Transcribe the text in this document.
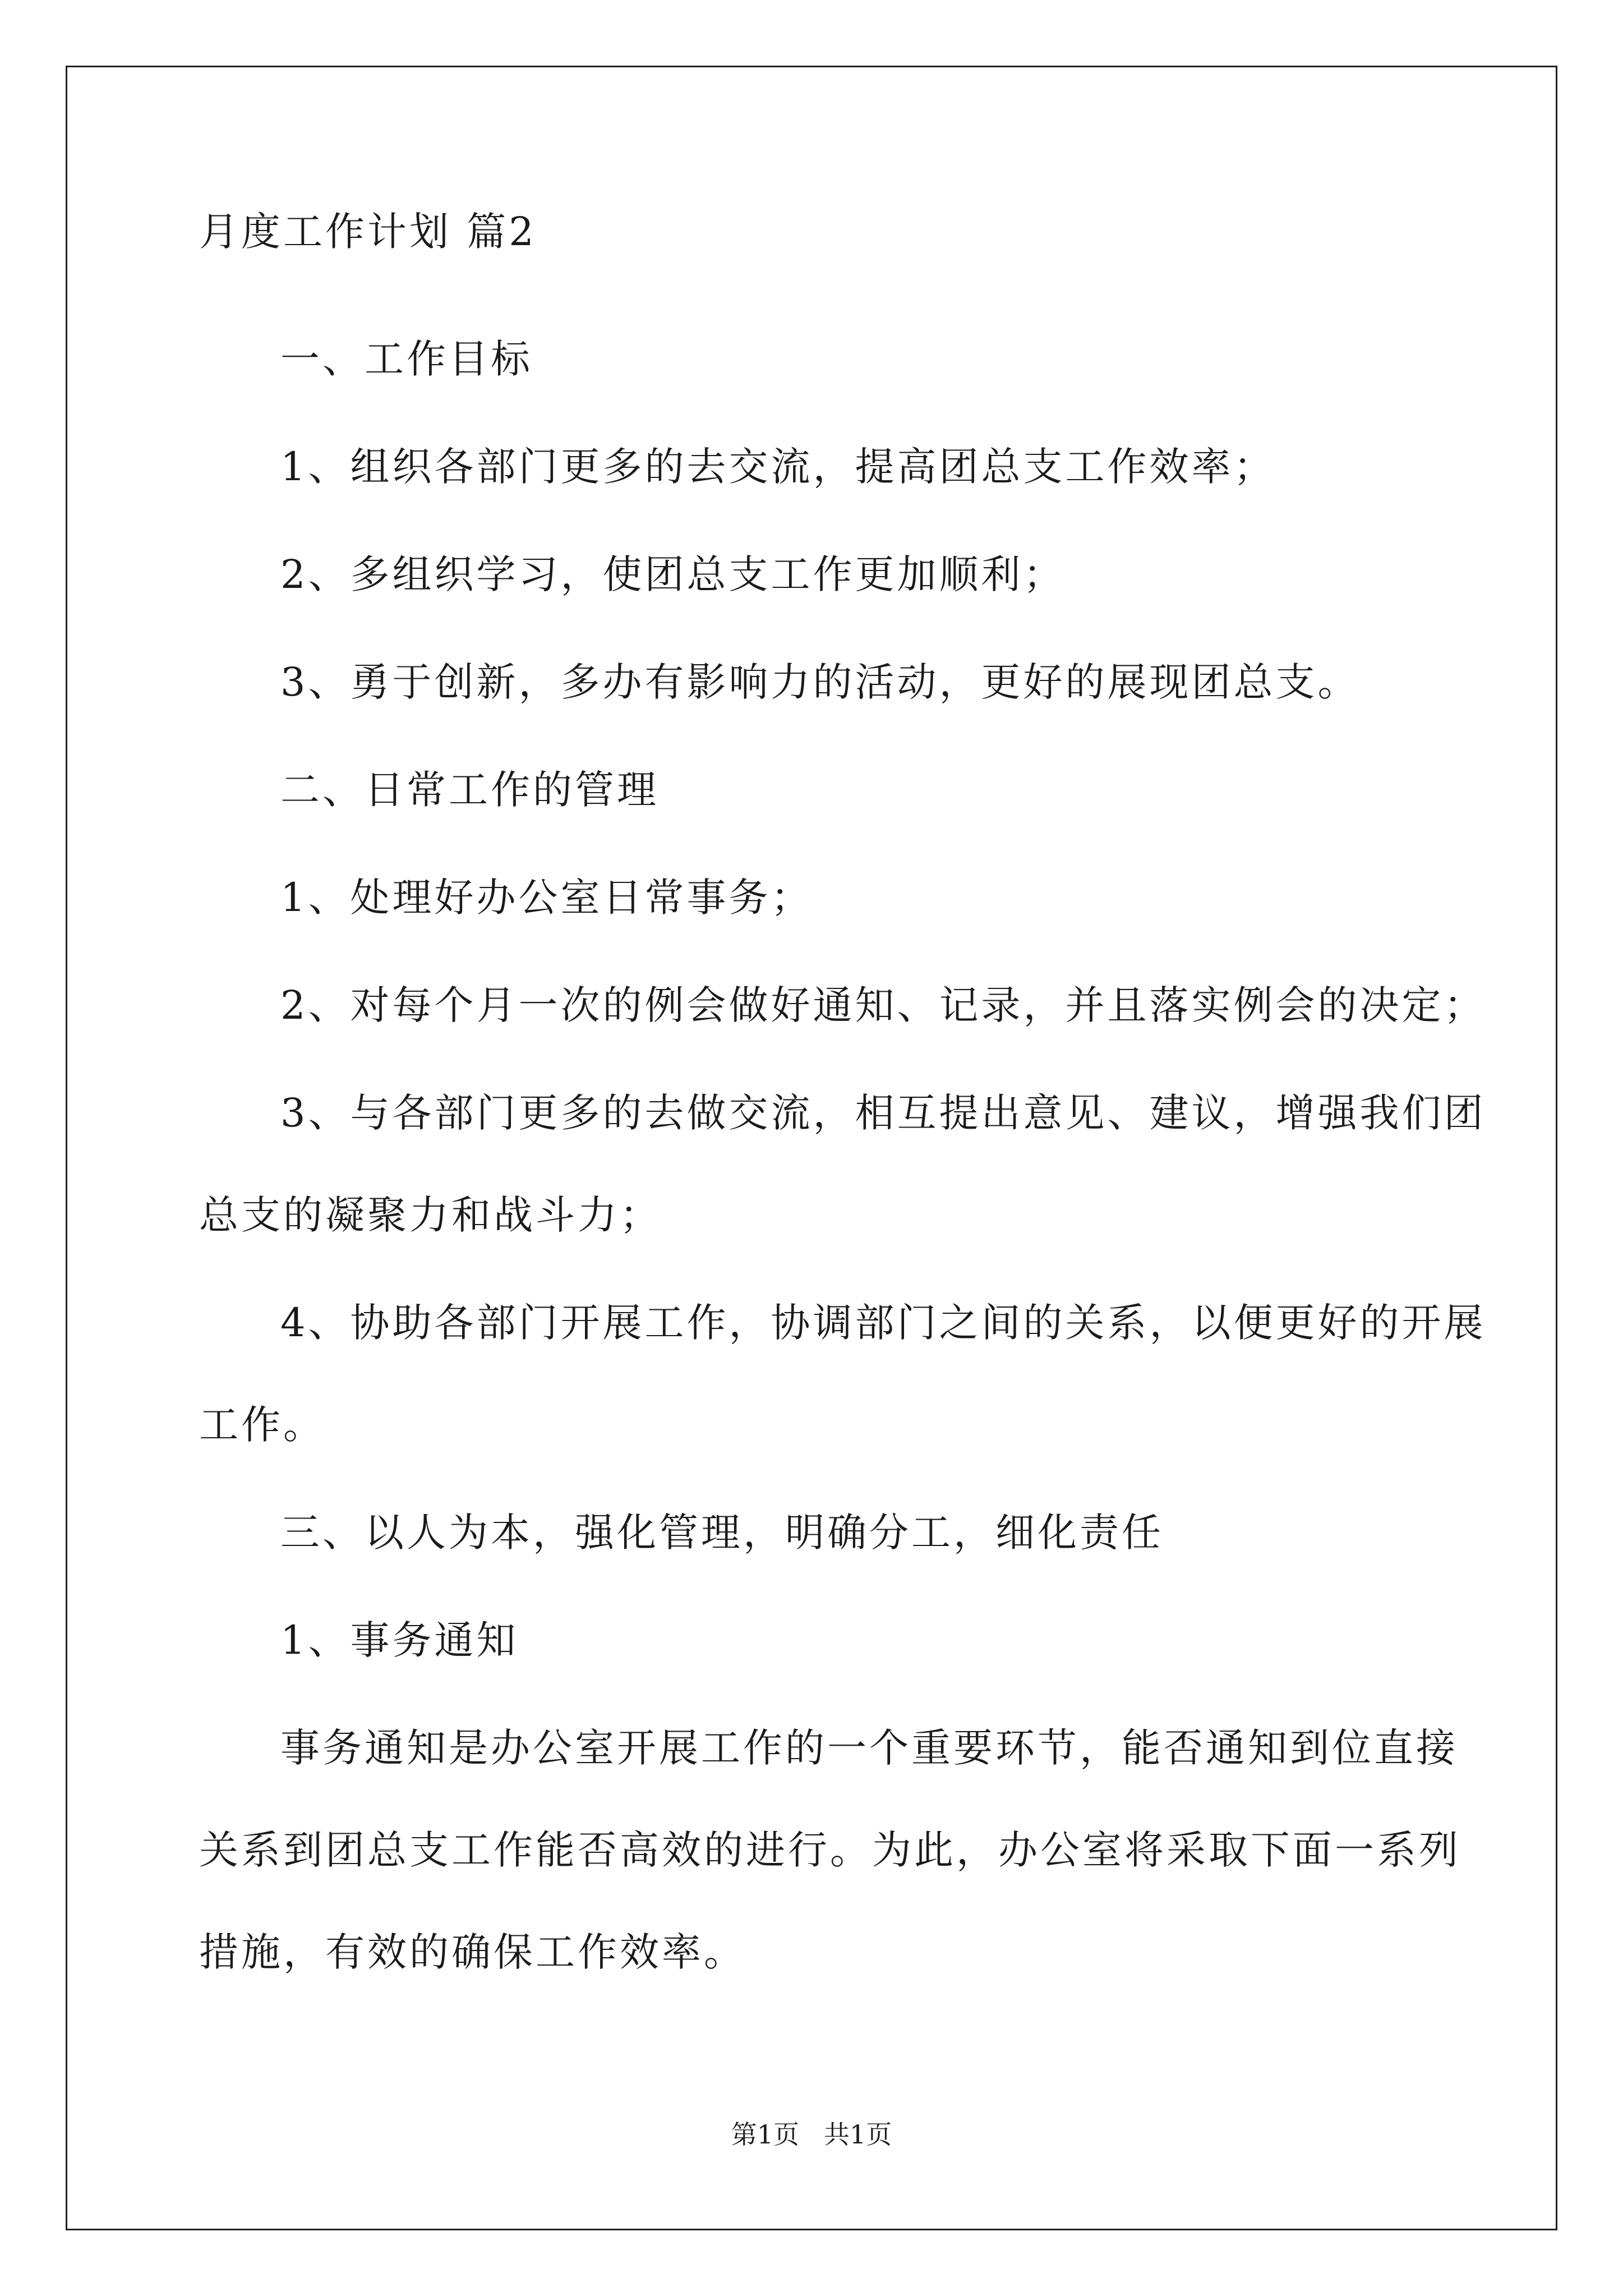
月度工作计划 篇2
一、工作目标
1、组织各部门更多的去交流，提高团总支工作效率；
2、多组织学习，使团总支工作更加顺利；
3、勇于创新，多办有影响力的活动，更好的展现团总支。
二、日常工作的管理
1、处理好办公室日常事务；
2、对每个月一次的例会做好通知、记录，并且落实例会的决定；
3、与各部门更多的去做交流，相互提出意见、建议，增强我们团
总支的凝聚力和战斗力；
4、协助各部门开展工作，协调部门之间的关系，以便更好的开展
工作。
三、以人为本，强化管理，明确分工，细化责任
1、事务通知
事务通知是办公室开展工作的一个重要环节，能否通知到位直接
关系到团总支工作能否高效的进行。为此，办公室将采取下面一系列
措施，有效的确保工作效率。
第1页   共1页
